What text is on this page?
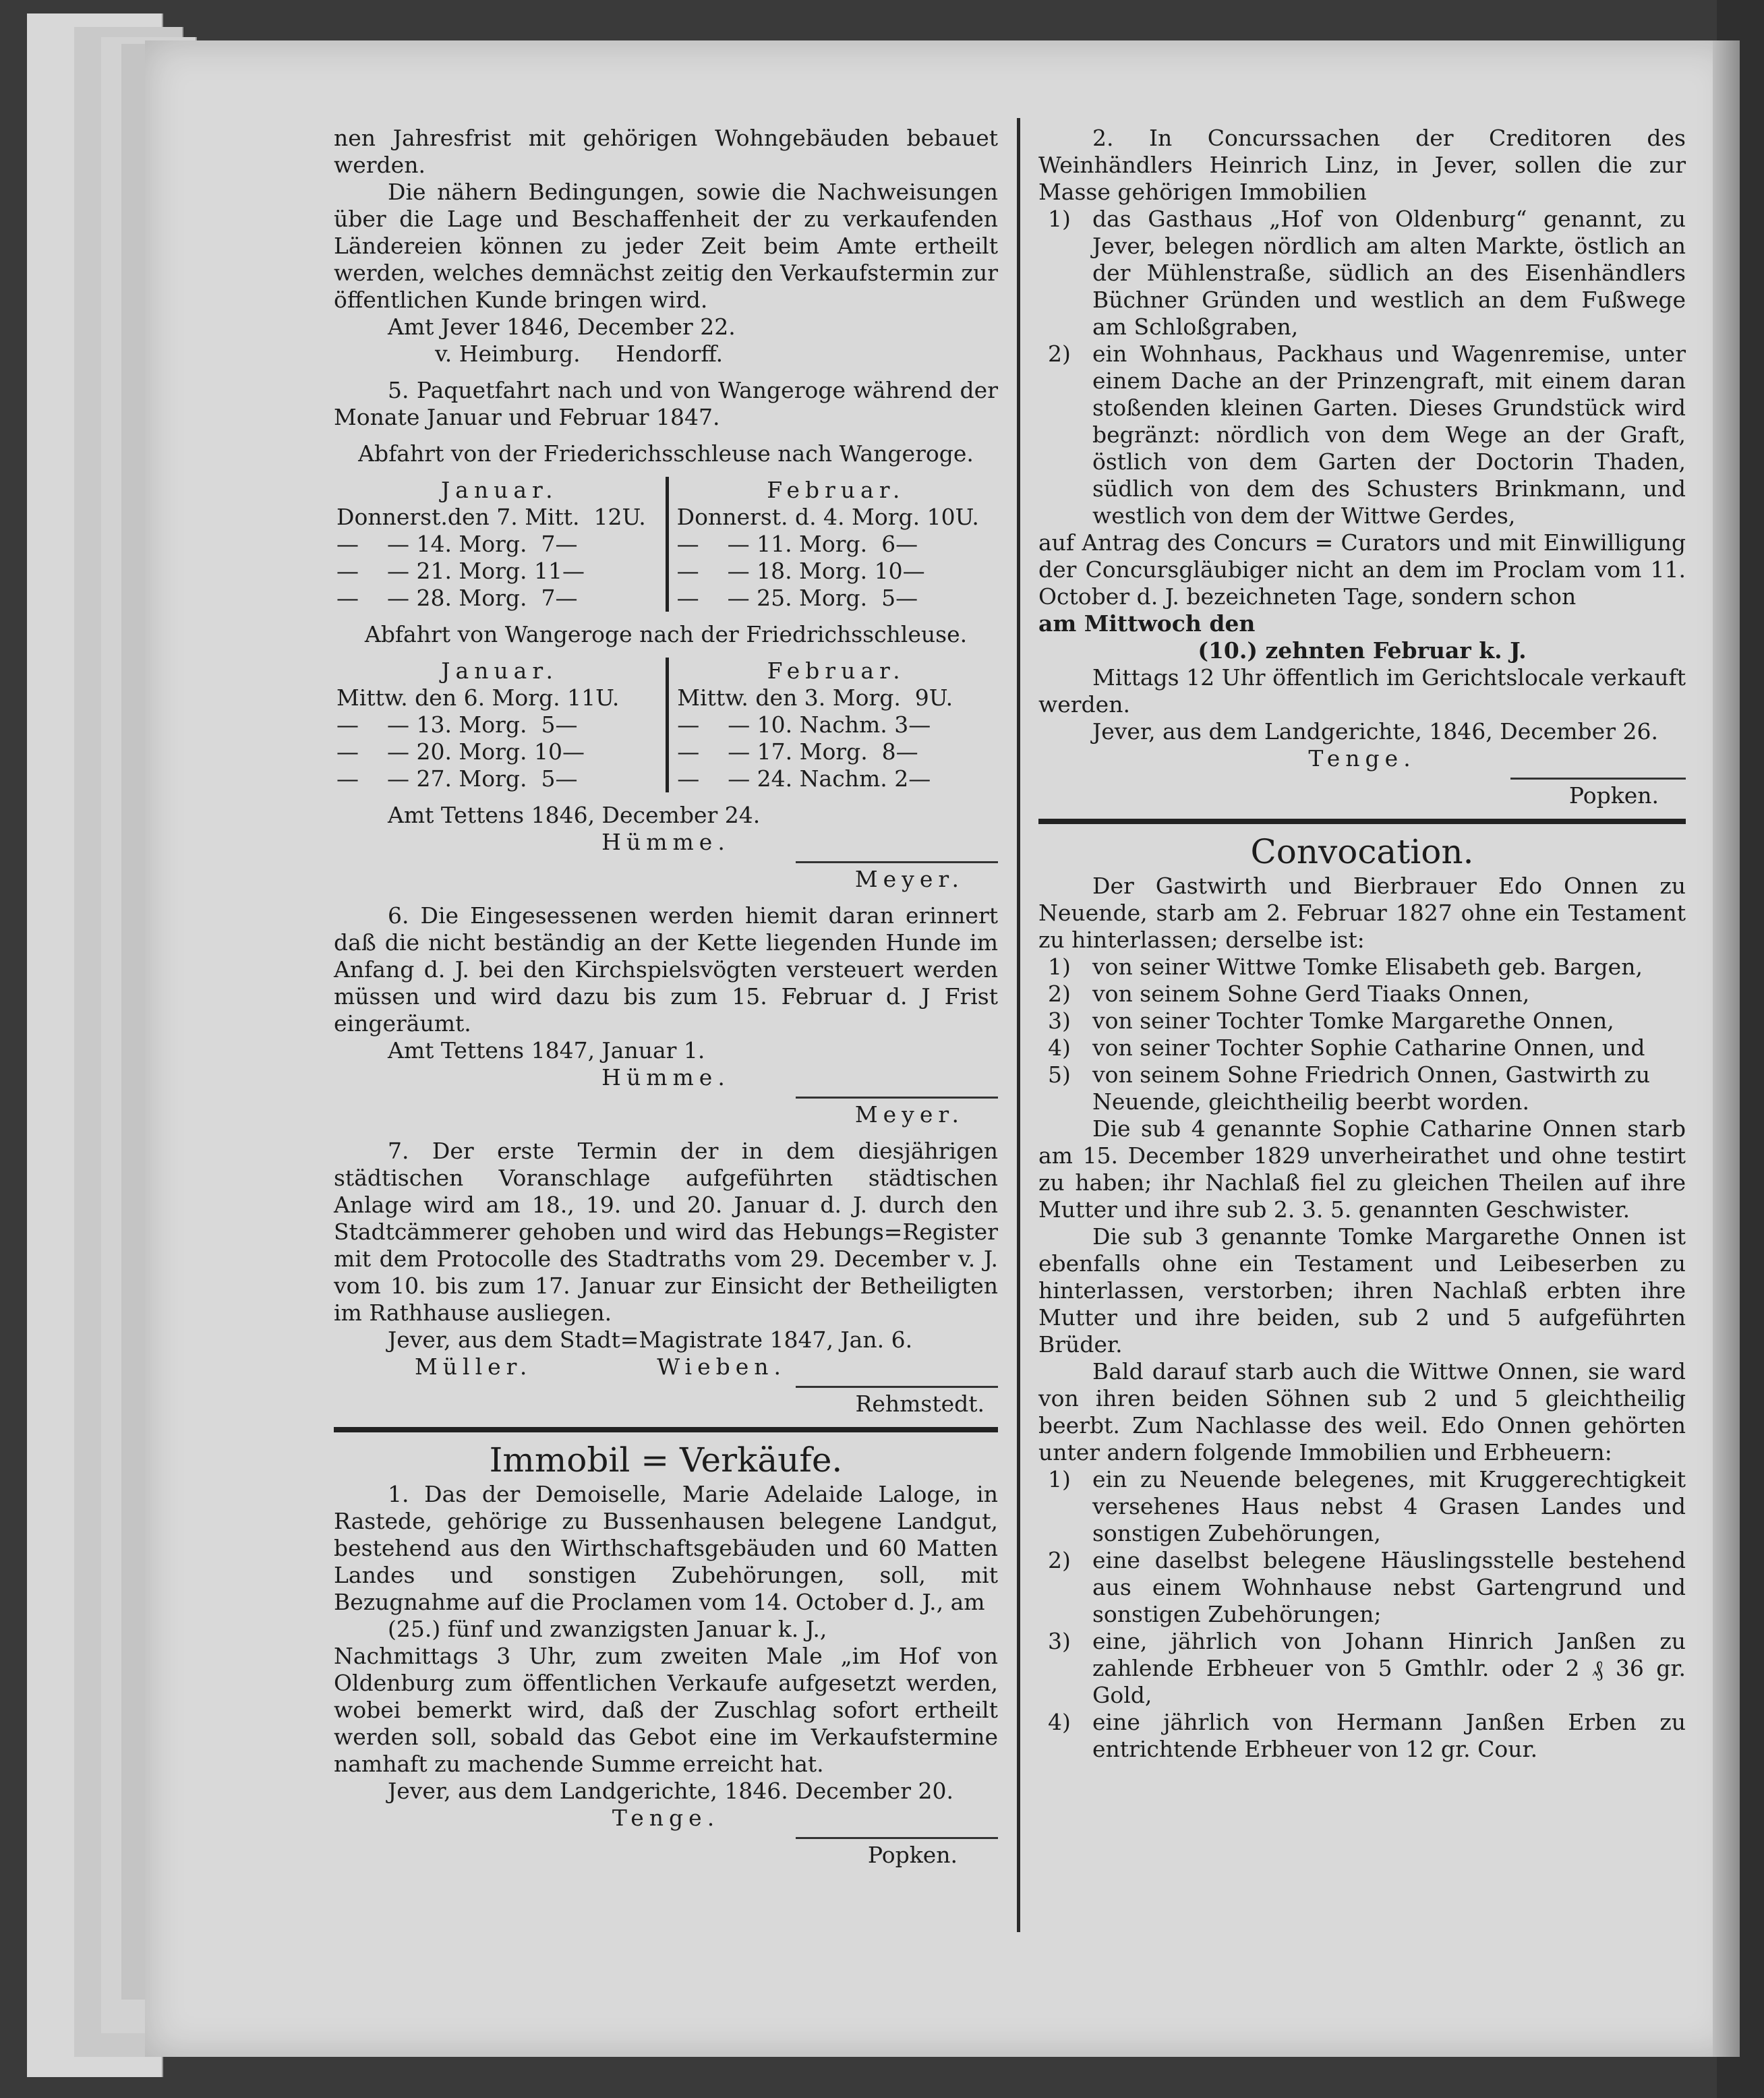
nen Jahresfrist mit gehörigen Wohngebäuden bebauet werden.

Die nähern Bedingungen, sowie die Nachweisungen über die Lage und Beschaffenheit der zu verkaufenden Ländereien können zu jeder Zeit beim Amte ertheilt werden, welches demnächst zeitig den Verkaufstermin zur öffentlichen Kunde bringen wird.

Amt Jever 1846, December 22.

v. Heimburg.     Hendorff.

5. Paquetfahrt nach und von Wangeroge während der Monate Januar und Februar 1847.

Abfahrt von der Friederichsschleuse nach Wangeroge.

Januar.		Februar.
Donnerst.den 7. Mitt.  12U.		Donnerst. d. 4. Morg. 10U.
—    — 14. Morg.  7—		—    — 11. Morg.  6—
—    — 21. Morg. 11—		—    — 18. Morg. 10—
—    — 28. Morg.  7—		—    — 25. Morg.  5—

Abfahrt von Wangeroge nach der Friedrichsschleuse.

Januar.		Februar.
Mittw. den 6. Morg. 11U.		Mittw. den 3. Morg.  9U.
—    — 13. Morg.  5—		—    — 10. Nachm. 3—
—    — 20. Morg. 10—		—    — 17. Morg.  8—
—    — 27. Morg.  5—		—    — 24. Nachm. 2—

Amt Tettens 1846, December 24.

Hümme.

Meyer.

6. Die Eingesessenen werden hiemit daran erinnert daß die nicht beständig an der Kette liegenden Hunde im Anfang d. J. bei den Kirchspielsvögten versteuert werden müssen und wird dazu bis zum 15. Februar d. J Frist eingeräumt.

Amt Tettens 1847, Januar 1.

Hümme.

Meyer.

7. Der erste Termin der in dem diesjährigen städtischen Voranschlage aufgeführten städtischen Anlage wird am 18., 19. und 20. Januar d. J. durch den Stadtcämmerer gehoben und wird das Hebungs=Register mit dem Protocolle des Stadtraths vom 29. December v. J. vom 10. bis zum 17. Januar zur Einsicht der Betheiligten im Rathhause ausliegen.

Jever, aus dem Stadt=Magistrate 1847, Jan. 6.

Müller.          Wieben.

Rehmstedt.

Immobil = Verkäufe.

1. Das der Demoiselle, Marie Adelaide Laloge, in Rastede, gehörige zu Bussenhausen belegene Landgut, bestehend aus den Wirthschaftsgebäuden und 60 Matten Landes und sonstigen Zubehörungen, soll, mit Bezugnahme auf die Proclamen vom 14. October d. J., am

(25.) fünf und zwanzigsten Januar k. J.,

Nachmittags 3 Uhr, zum zweiten Male „im Hof von Oldenburg zum öffentlichen Verkaufe aufgesetzt werden, wobei bemerkt wird, daß der Zuschlag sofort ertheilt werden soll, sobald das Gebot eine im Verkaufstermine namhaft zu machende Summe erreicht hat.

Jever, aus dem Landgerichte, 1846. December 20.

Tenge.

Popken.

2. In Concurssachen der Creditoren des Weinhändlers Heinrich Linz, in Jever, sollen die zur Masse gehörigen Immobilien

1) das Gasthaus „Hof von Oldenburg“ genannt, zu Jever, belegen nördlich am alten Markte, östlich an der Mühlenstraße, südlich an des Eisenhändlers Büchner Gründen und westlich an dem Fußwege am Schloßgraben,
2) ein Wohnhaus, Packhaus und Wagenremise, unter einem Dache an der Prinzengraft, mit einem daran stoßenden kleinen Garten. Dieses Grundstück wird begränzt: nördlich von dem Wege an der Graft, östlich von dem Garten der Doctorin Thaden, südlich von dem des Schusters Brinkmann, und westlich von dem der Wittwe Gerdes,

auf Antrag des Concurs = Curators und mit Einwilligung der Concursgläubiger nicht an dem im Proclam vom 11. October d. J. bezeichneten Tage, sondern schon

am Mittwoch den

(10.) zehnten Februar k. J.

Mittags 12 Uhr öffentlich im Gerichtslocale verkauft werden.

Jever, aus dem Landgerichte, 1846, December 26.

Tenge.

Popken.

Convocation.

Der Gastwirth und Bierbrauer Edo Onnen zu Neuende, starb am 2. Februar 1827 ohne ein Testament zu hinterlassen; derselbe ist:

1) von seiner Wittwe Tomke Elisabeth geb. Bargen,
2) von seinem Sohne Gerd Tiaaks Onnen,
3) von seiner Tochter Tomke Margarethe Onnen,
4) von seiner Tochter Sophie Catharine Onnen, und
5) von seinem Sohne Friedrich Onnen, Gastwirth zu Neuende, gleichtheilig beerbt worden.

Die sub 4 genannte Sophie Catharine Onnen starb am 15. December 1829 unverheirathet und ohne testirt zu haben; ihr Nachlaß fiel zu gleichen Theilen auf ihre Mutter und ihre sub 2. 3. 5. genannten Geschwister.

Die sub 3 genannte Tomke Margarethe Onnen ist ebenfalls ohne ein Testament und Leibeserben zu hinterlassen, verstorben; ihren Nachlaß erbten ihre Mutter und ihre beiden, sub 2 und 5 aufgeführten Brüder.

Bald darauf starb auch die Wittwe Onnen, sie ward von ihren beiden Söhnen sub 2 und 5 gleichtheilig beerbt. Zum Nachlasse des weil. Edo Onnen gehörten unter andern folgende Immobilien und Erbheuern:

1) ein zu Neuende belegenes, mit Kruggerechtigkeit versehenes Haus nebst 4 Grasen Landes und sonstigen Zubehörungen,
2) eine daselbst belegene Häuslingsstelle bestehend aus einem Wohnhause nebst Gartengrund und sonstigen Zubehörungen;
3) eine, jährlich von Johann Hinrich Janßen zu zahlende Erbheuer von 5 Gmthlr. oder 2 ₰ 36 gr. Gold,
4) eine jährlich von Hermann Janßen Erben zu entrichtende Erbheuer von 12 gr. Cour.
